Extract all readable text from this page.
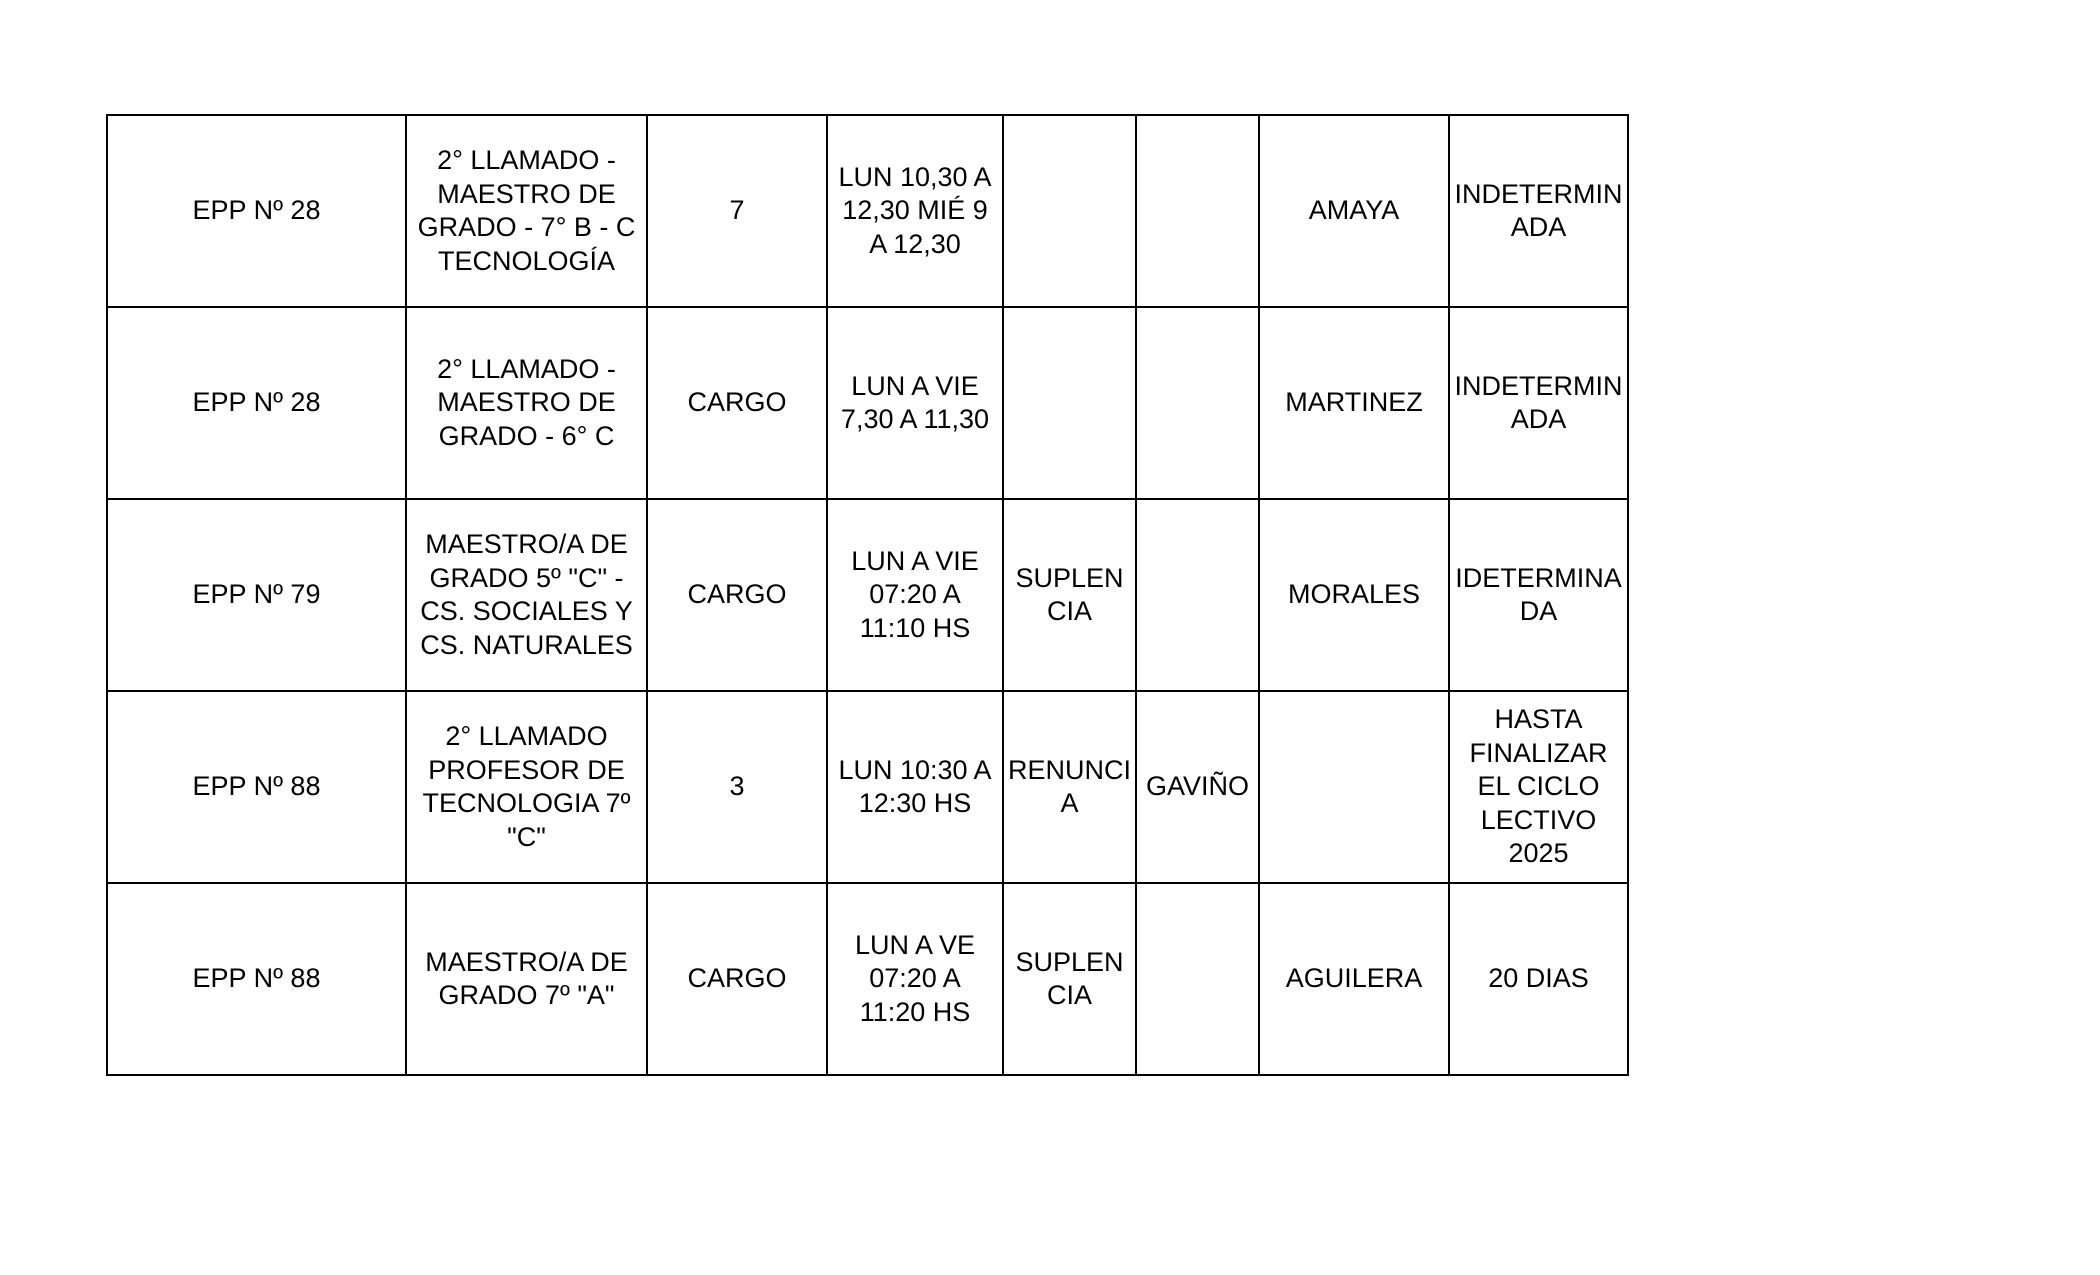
EPP Nº 28	2° LLAMADO -
MAESTRO DE
GRADO - 7° B - C
TECNOLOGÍA	7	LUN 10,30 A
12,30 MIÉ 9
A 12,30			AMAYA	INDETERMIN
ADA

EPP Nº 28	2° LLAMADO -
MAESTRO DE
GRADO - 6° C	CARGO	LUN A VIE
7,30 A 11,30			MARTINEZ	INDETERMIN
ADA

EPP Nº 79	MAESTRO/A DE
GRADO 5º "C" -
CS. SOCIALES Y
CS. NATURALES	CARGO	LUN A VIE
07:20 A
11:10 HS	SUPLEN
CIA		MORALES	IDETERMINA
DA

EPP Nº 88	2° LLAMADO
PROFESOR DE
TECNOLOGIA 7º
"C"	3	LUN 10:30 A
12:30 HS	RENUNCI
A	GAVIÑO		HASTA
FINALIZAR
EL CICLO
LECTIVO
2025

EPP Nº 88	MAESTRO/A DE
GRADO 7º "A"	CARGO	LUN A VE
07:20 A
11:20 HS	SUPLEN
CIA		AGUILERA	20 DIAS
